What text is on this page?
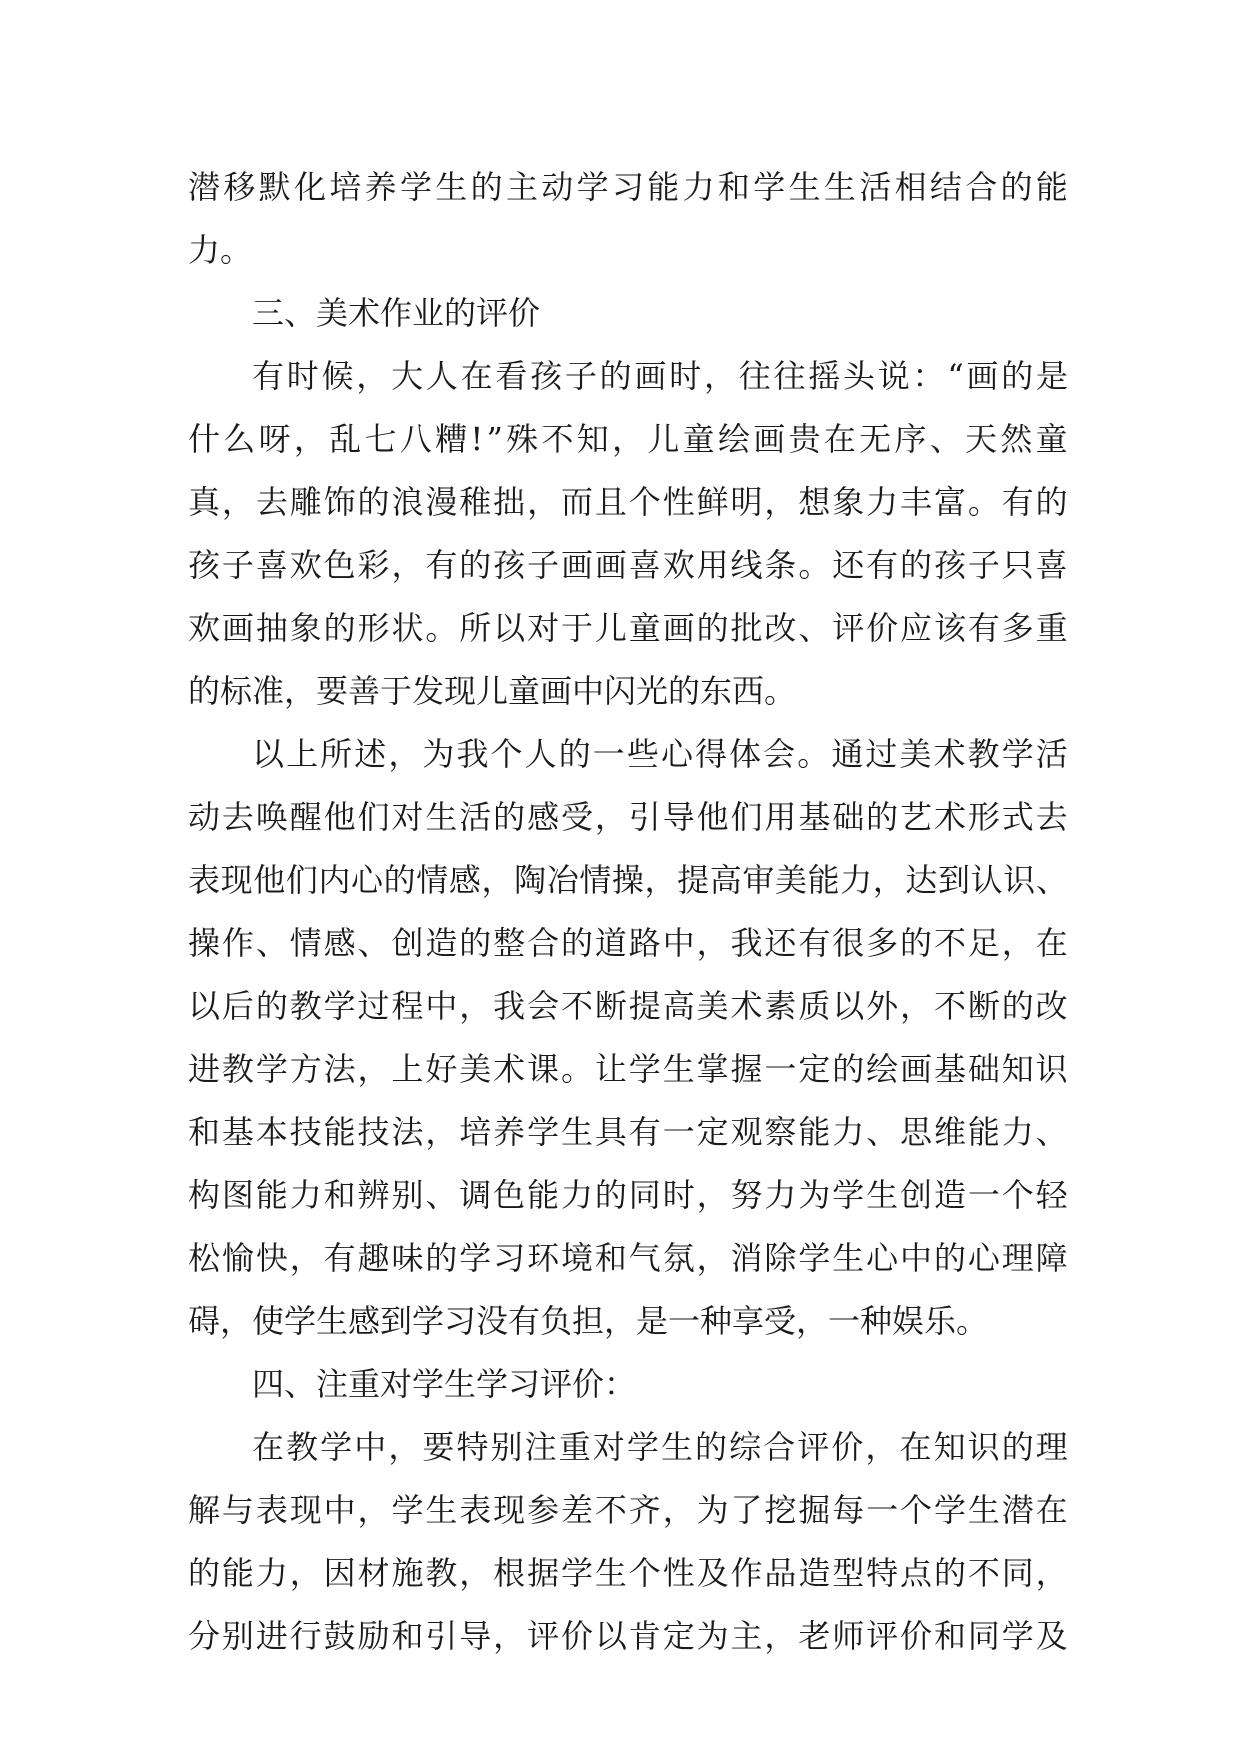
潜 移 默 化 培 养 学 生 的 主 动 学 习 能 力 和 学 生 生 活 相 结 合 的 能
力。
三、美术作业的评价
有 时 候 ， 大 人 在 看 孩 子 的 画 时 ， 往 往 摇 头 说 ： “ 画 的 是
什 么 呀 ， 乱 七 八 糟 ! ” 殊 不 知 ， 儿 童 绘 画 贵 在 无 序 、 天 然 童
真 ， 去 雕 饰 的 浪 漫 稚 拙 ， 而 且 个 性 鲜 明 ， 想 象 力 丰 富 。 有 的
孩 子 喜 欢 色 彩 ， 有 的 孩 子 画 画 喜 欢 用 线 条 。 还 有 的 孩 子 只 喜
欢 画 抽 象 的 形 状 。 所 以 对 于 儿 童 画 的 批 改 、 评 价 应 该 有 多 重
的标准，要善于发现儿童画中闪光的东西。
以 上 所 述 ， 为 我 个 人 的 一 些 心 得 体 会 。 通 过 美 术 教 学 活
动 去 唤 醒 他 们 对 生 活 的 感 受 ， 引 导 他 们 用 基 础 的 艺 术 形 式 去
表 现 他 们 内 心 的 情 感 ， 陶 冶 情 操 ， 提 高 审 美 能 力 ， 达 到 认 识 、
操 作 、 情 感 、 创 造 的 整 合 的 道 路 中 ， 我 还 有 很 多 的 不 足 ， 在
以 后 的 教 学 过 程 中 ， 我 会 不 断 提 高 美 术 素 质 以 外 ， 不 断 的 改
进 教 学 方 法 ， 上 好 美 术 课 。 让 学 生 掌 握 一 定 的 绘 画 基 础 知 识
和 基 本 技 能 技 法 ， 培 养 学 生 具 有 一 定 观 察 能 力 、 思 维 能 力 、
构 图 能 力 和 辨 别 、 调 色 能 力 的 同 时 ， 努 力 为 学 生 创 造 一 个 轻
松 愉 快 ， 有 趣 味 的 学 习 环 境 和 气 氛 ， 消 除 学 生 心 中 的 心 理 障
碍，使学生感到学习没有负担，是一种享受，一种娱乐。
四、注重对学生学习评价：
在 教 学 中 ， 要 特 别 注 重 对 学 生 的 综 合 评 价 ， 在 知 识 的 理
解 与 表 现 中 ， 学 生 表 现 参 差 不 齐 ， 为 了 挖 掘 每 一 个 学 生 潜 在
的 能 力 ， 因 材 施 教 ， 根 据 学 生 个 性 及 作 品 造 型 特 点 的 不 同 ，
分 别 进 行 鼓 励 和 引 导 ， 评 价 以 肯 定 为 主 ， 老 师 评 价 和 同 学 及
